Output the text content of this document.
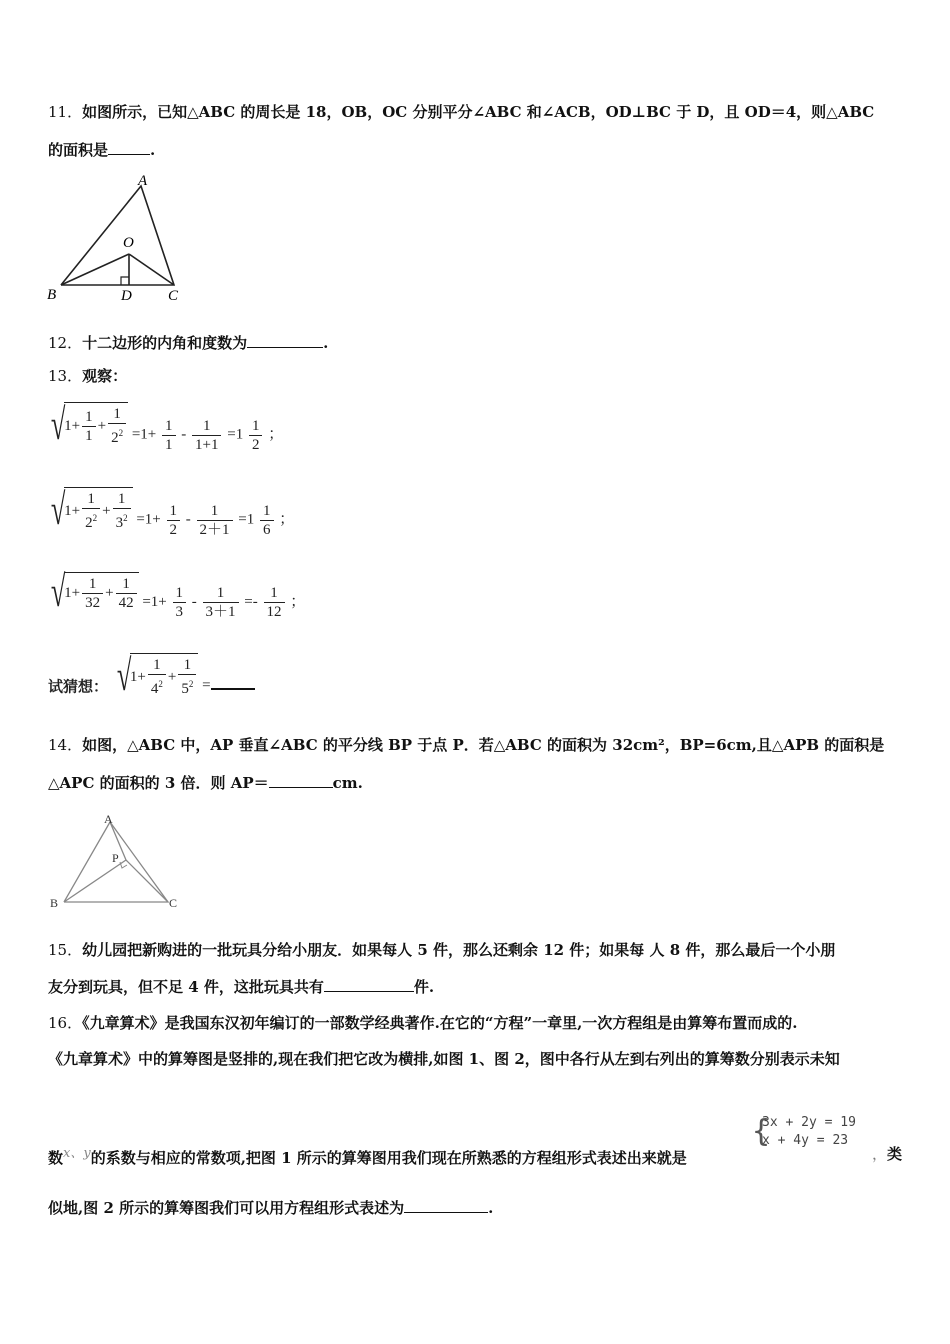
11．如图所示，已知△ABC 的周长是 18，OB，OC 分别平分∠ABC 和∠ACB，OD⊥BC 于 D，且 OD＝4，则△ABC
的面积是	.
A
O
B	D C
12．十二边形的内角和度数为	.
13．观察：
√
$1+ \frac{1}{1} + \frac{1}{2^2} =1+ \frac{1}{1} - \frac{1}{1+1} =1 \frac{1}{2}$ ；
√
$1+ \frac{1}{2^2} + \frac{1}{3^2} =1+ \frac{1}{2} - \frac{1}{2+1} =1 \frac{1}{6}$ ；
√
$1+ \frac{1}{32} + \frac{1}{42} =1+ \frac{1}{3} - \frac{1}{3+1} =- \frac{1}{12}$ ；
试猜想： √
$1+ \frac{1}{4^2} + \frac{1}{5^2}$ =
14．如图，△ABC 中，AP 垂直∠ABC 的平分线 BP 于点 P．若△ABC 的面积为 32cm²，BP=6cm,且△APB 的面积是
△APC 的面积的 3 倍．则 AP＝	cm.
A
P
B	C
15．幼儿园把新购进的一批玩具分给小朋友．如果每人 5 件，那么还剩余 12 件；如果每 人 8 件，那么最后一个小朋
友分到玩具，但不足 4 件，这批玩具共有	件.
16．《九章算术》是我国东汉初年编订的一部数学经典著作.在它的“方程”一章里,一次方程组是由算筹布置而成的.
《九章算术》中的算筹图是竖排的,现在我们把它改为横排,如图 1、图 2，图中各行从左到右列出的算筹数分别表示未知
数x、y的系数与相应的常数项,把图 1 所示的算筹图用我们现在所熟悉的方程组形式表述出来就是
{
3x + 2y = 19
x + 4y = 23
，类
似地,图 2 所示的算筹图我们可以用方程组形式表述为	.
